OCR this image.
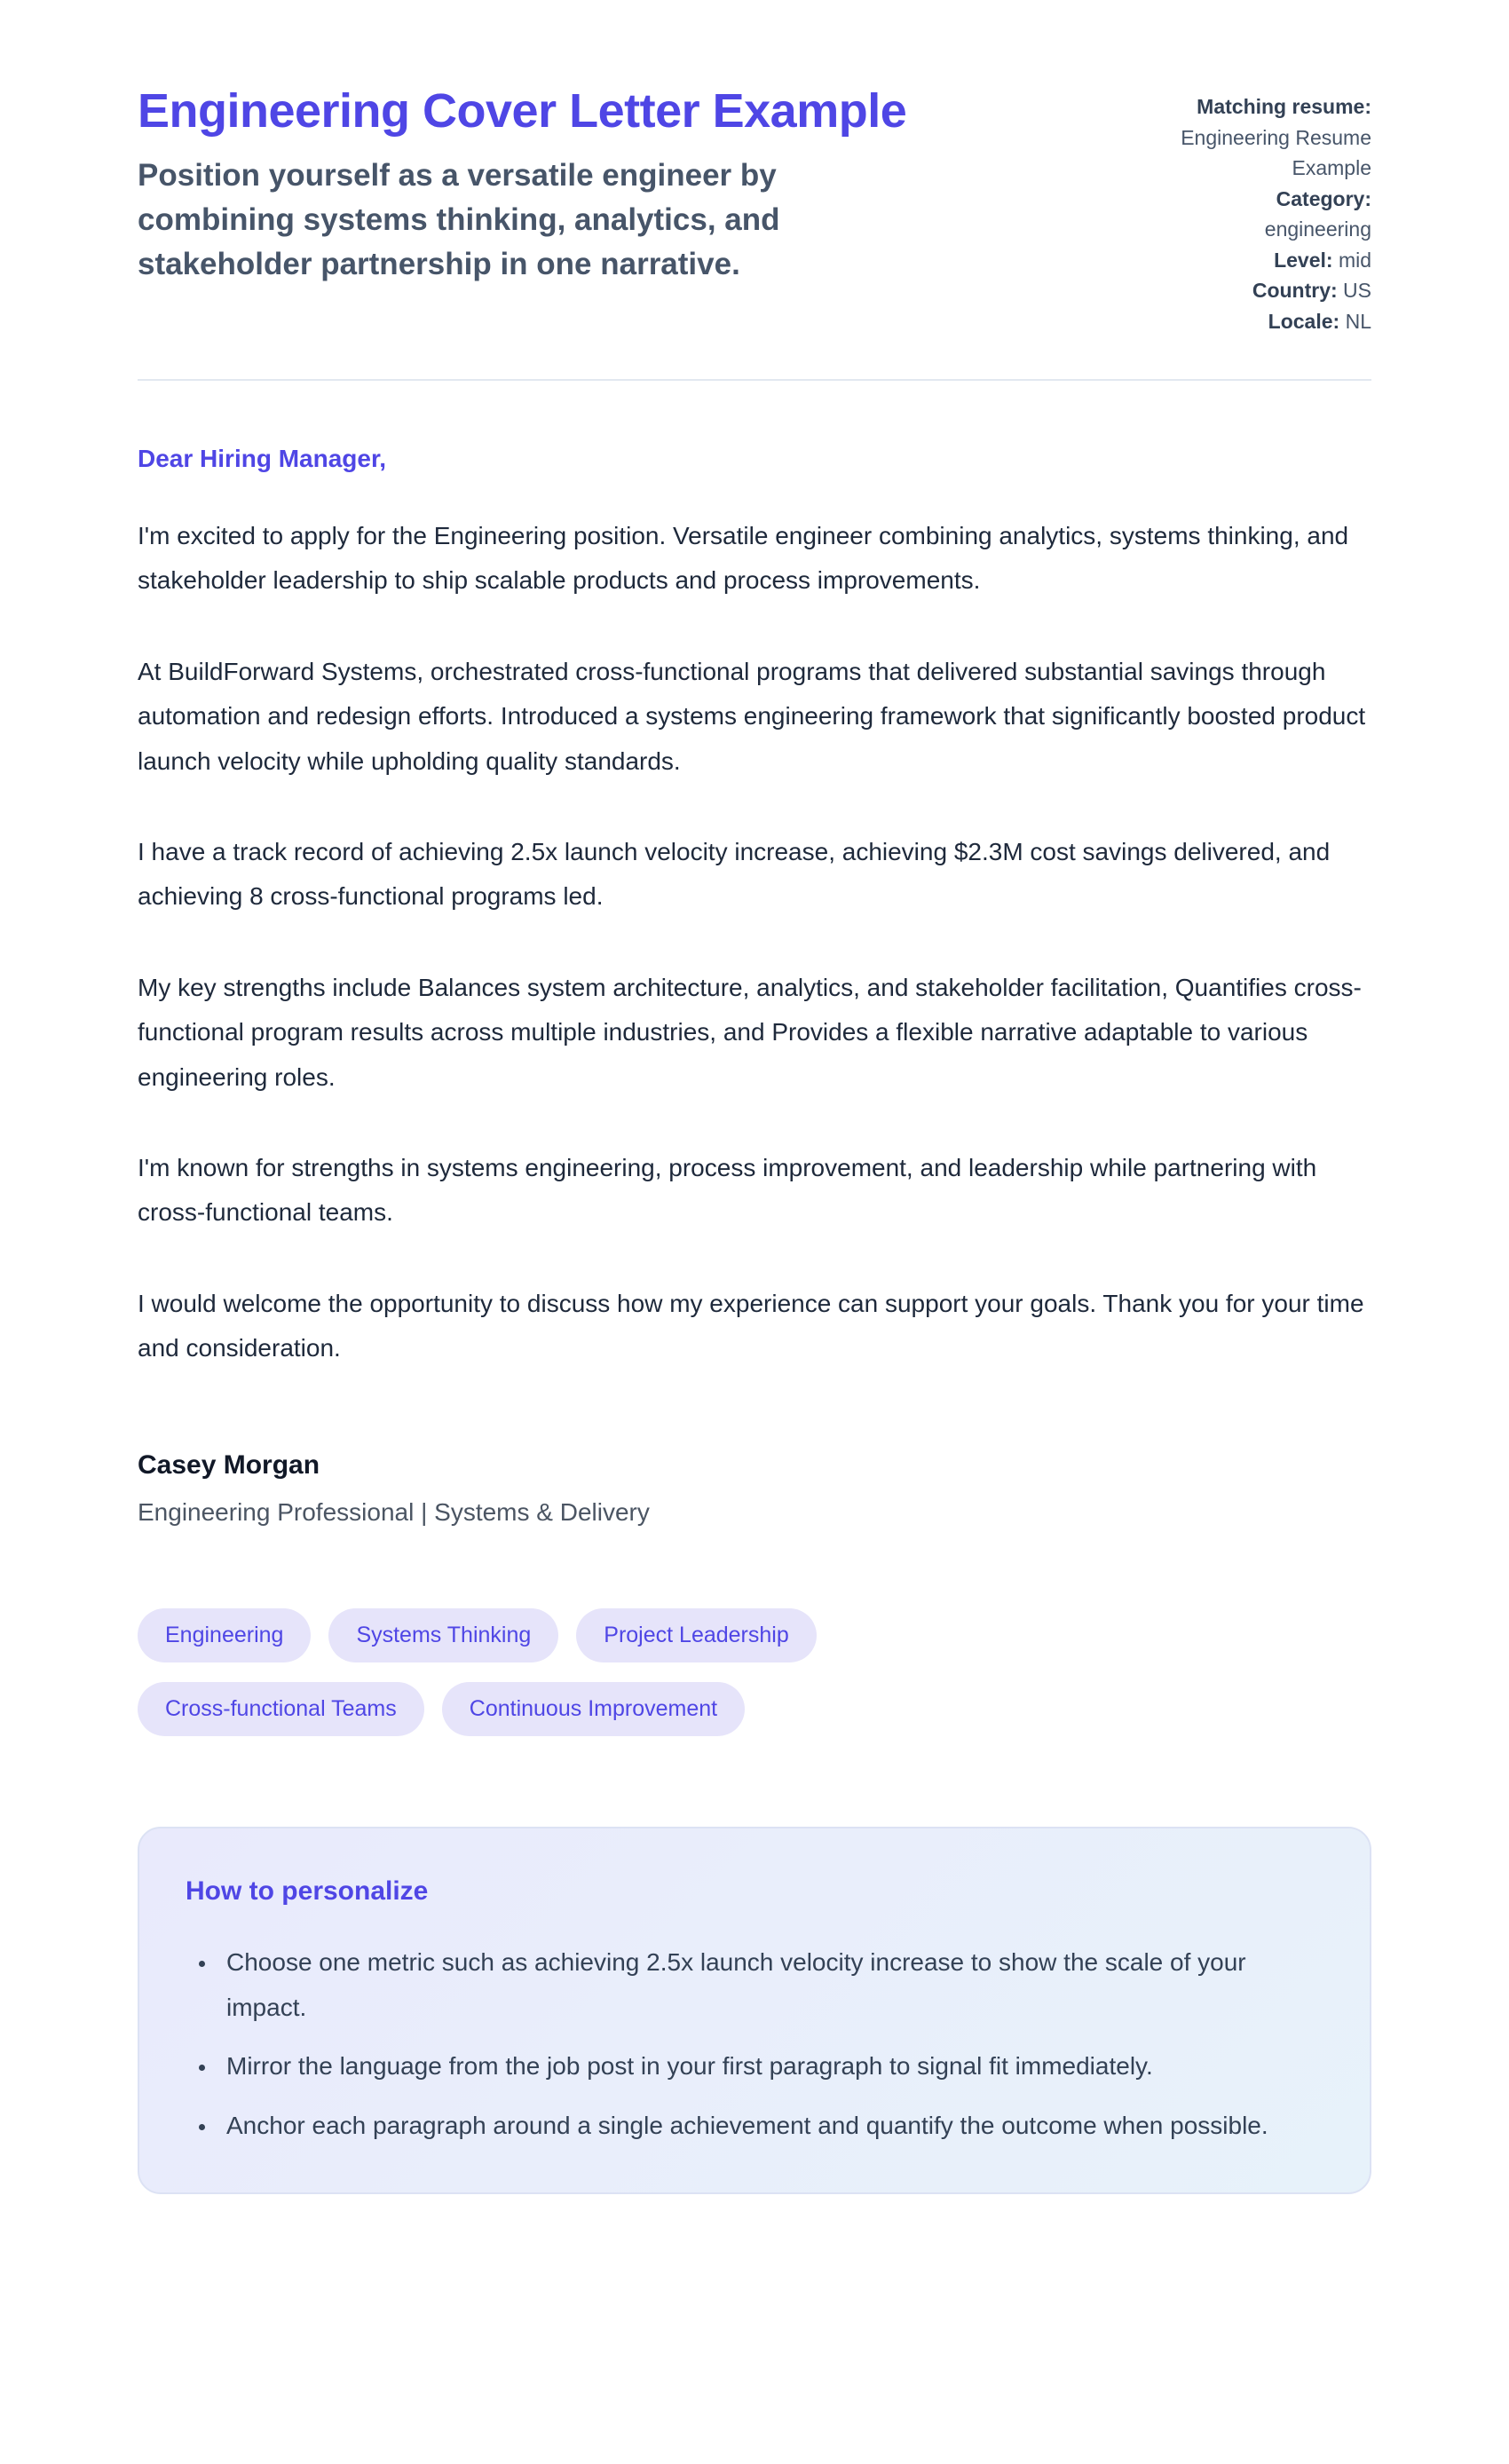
Engineering Cover Letter Example

Position yourself as a versatile engineer by combining systems thinking, analytics, and stakeholder partnership in one narrative.

Matching resume:
Engineering Resume Example
Category:
engineering
Level: mid
Country: US
Locale: NL

Dear Hiring Manager,

I'm excited to apply for the Engineering position. Versatile engineer combining analytics, systems thinking, and stakeholder leadership to ship scalable products and process improvements.

At BuildForward Systems, orchestrated cross-functional programs that delivered substantial savings through automation and redesign efforts. Introduced a systems engineering framework that significantly boosted product launch velocity while upholding quality standards.

I have a track record of achieving 2.5x launch velocity increase, achieving $2.3M cost savings delivered, and achieving 8 cross-functional programs led.

My key strengths include Balances system architecture, analytics, and stakeholder facilitation, Quantifies cross-functional program results across multiple industries, and Provides a flexible narrative adaptable to various engineering roles.

I'm known for strengths in systems engineering, process improvement, and leadership while partnering with cross-functional teams.

I would welcome the opportunity to discuss how my experience can support your goals. Thank you for your time and consideration.

Casey Morgan

Engineering Professional | Systems & Delivery

Engineering	Systems Thinking	Project Leadership
Cross-functional Teams	Continuous Improvement
How to personalize
• Choose one metric such as achieving 2.5x launch velocity increase to show the scale of your impact.
• Mirror the language from the job post in your first paragraph to signal fit immediately.
• Anchor each paragraph around a single achievement and quantify the outcome when possible.
